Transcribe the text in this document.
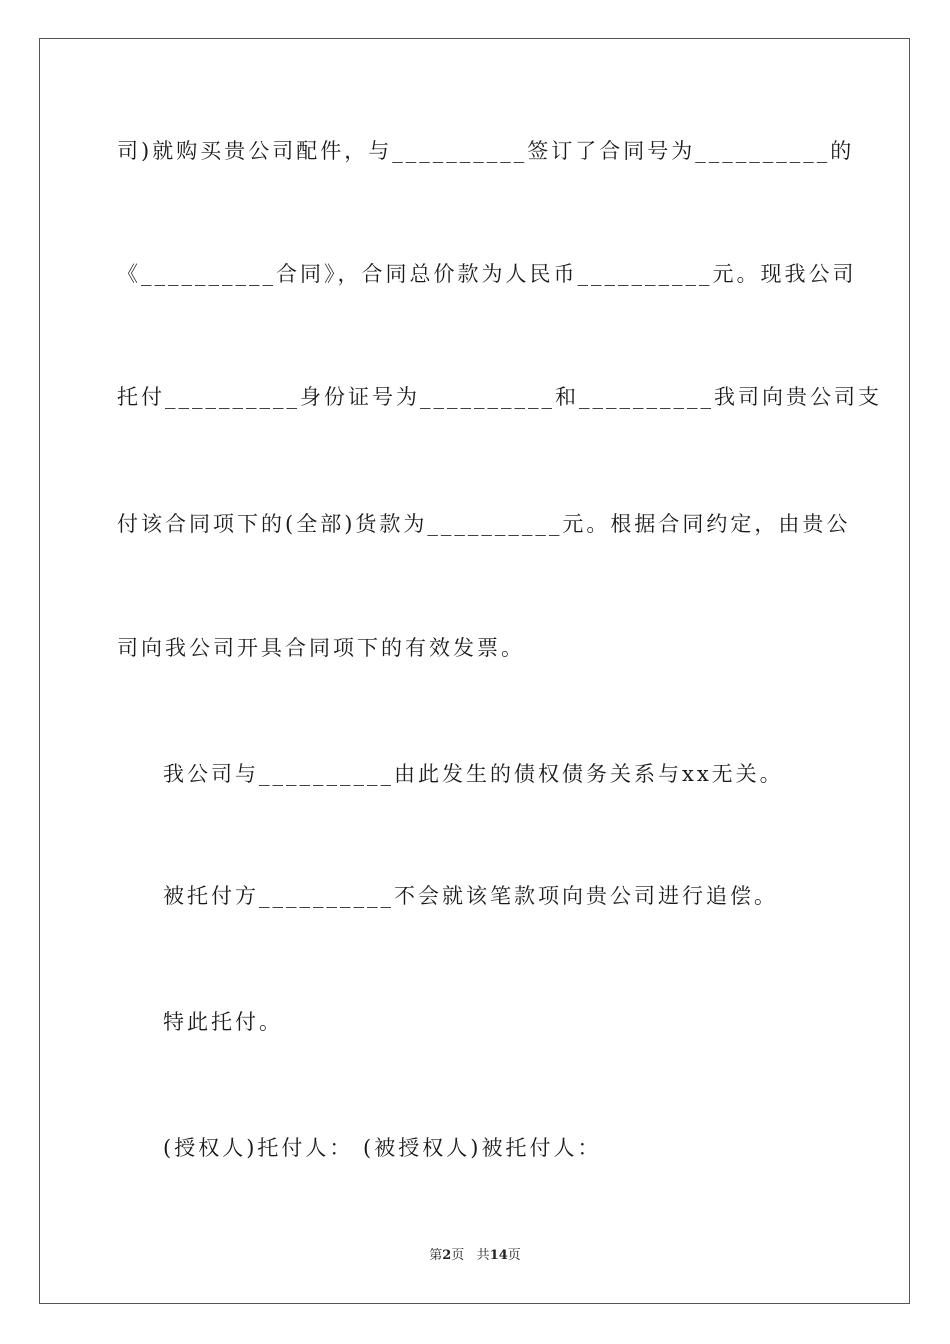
司)就购买贵公司配件，与__________签订了合同号为__________的
《__________合同》，合同总价款为人民币__________元。现我公司
托付__________身份证号为__________和__________我司向贵公司支
付该合同项下的(全部)货款为__________元。根据合同约定，由贵公
司向我公司开具合同项下的有效发票。
我公司与__________由此发生的债权债务关系与xx无关。
被托付方__________不会就该笔款项向贵公司进行追偿。
特此托付。
(授权人)托付人： (被授权人)被托付人：
第2页 共14页
